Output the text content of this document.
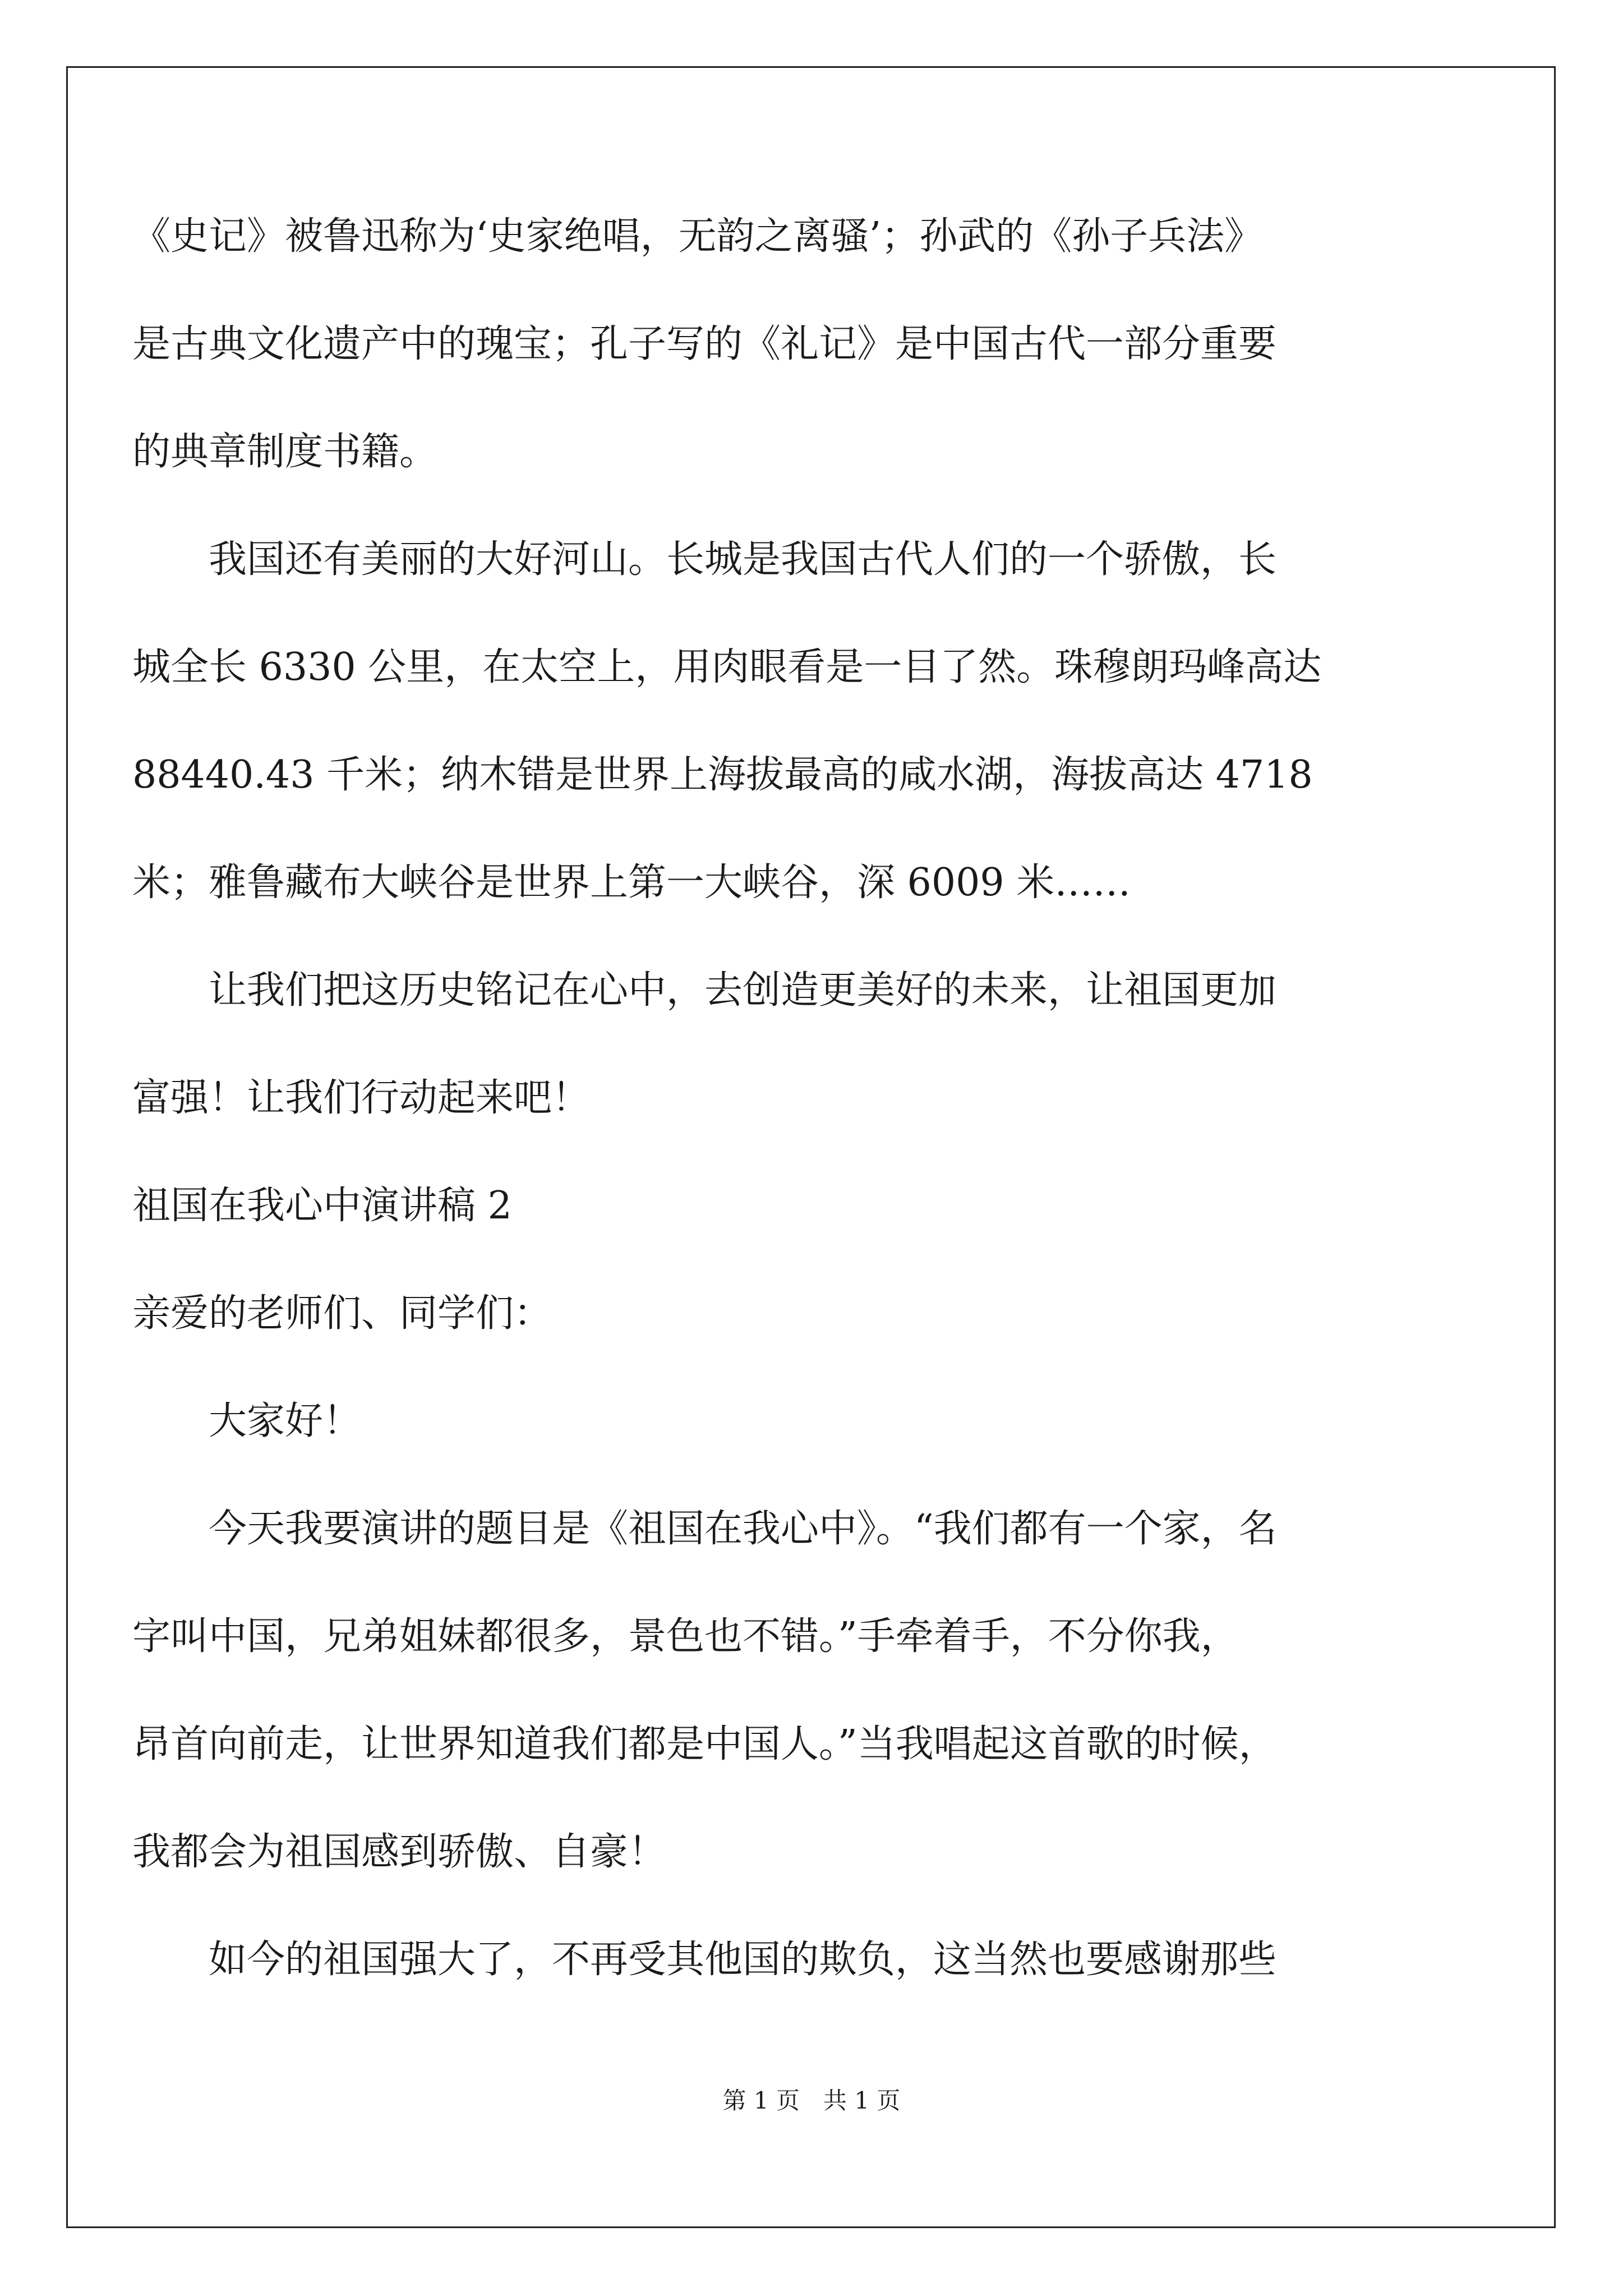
《史记》被鲁迅称为‘史家绝唱，无韵之离骚’；孙武的《孙子兵法》
是古典文化遗产中的瑰宝；孔子写的《礼记》是中国古代一部分重要
的典章制度书籍。
　　我国还有美丽的大好河山。长城是我国古代人们的一个骄傲，长
城全长 6330 公里，在太空上，用肉眼看是一目了然。珠穆朗玛峰高达
88440.43 千米；纳木错是世界上海拔最高的咸水湖，海拔高达 4718
米；雅鲁藏布大峡谷是世界上第一大峡谷，深 6009 米……
　　让我们把这历史铭记在心中，去创造更美好的未来，让祖国更加
富强！让我们行动起来吧！
祖国在我心中演讲稿 2
亲爱的老师们、同学们：
　　大家好！
　　今天我要演讲的题目是《祖国在我心中》。“我们都有一个家，名
字叫中国，兄弟姐妹都很多，景色也不错。”手牵着手，不分你我，
昂首向前走，让世界知道我们都是中国人。”当我唱起这首歌的时候，
我都会为祖国感到骄傲、自豪！
　　如今的祖国强大了，不再受其他国的欺负，这当然也要感谢那些
第 1 页　共 1 页
